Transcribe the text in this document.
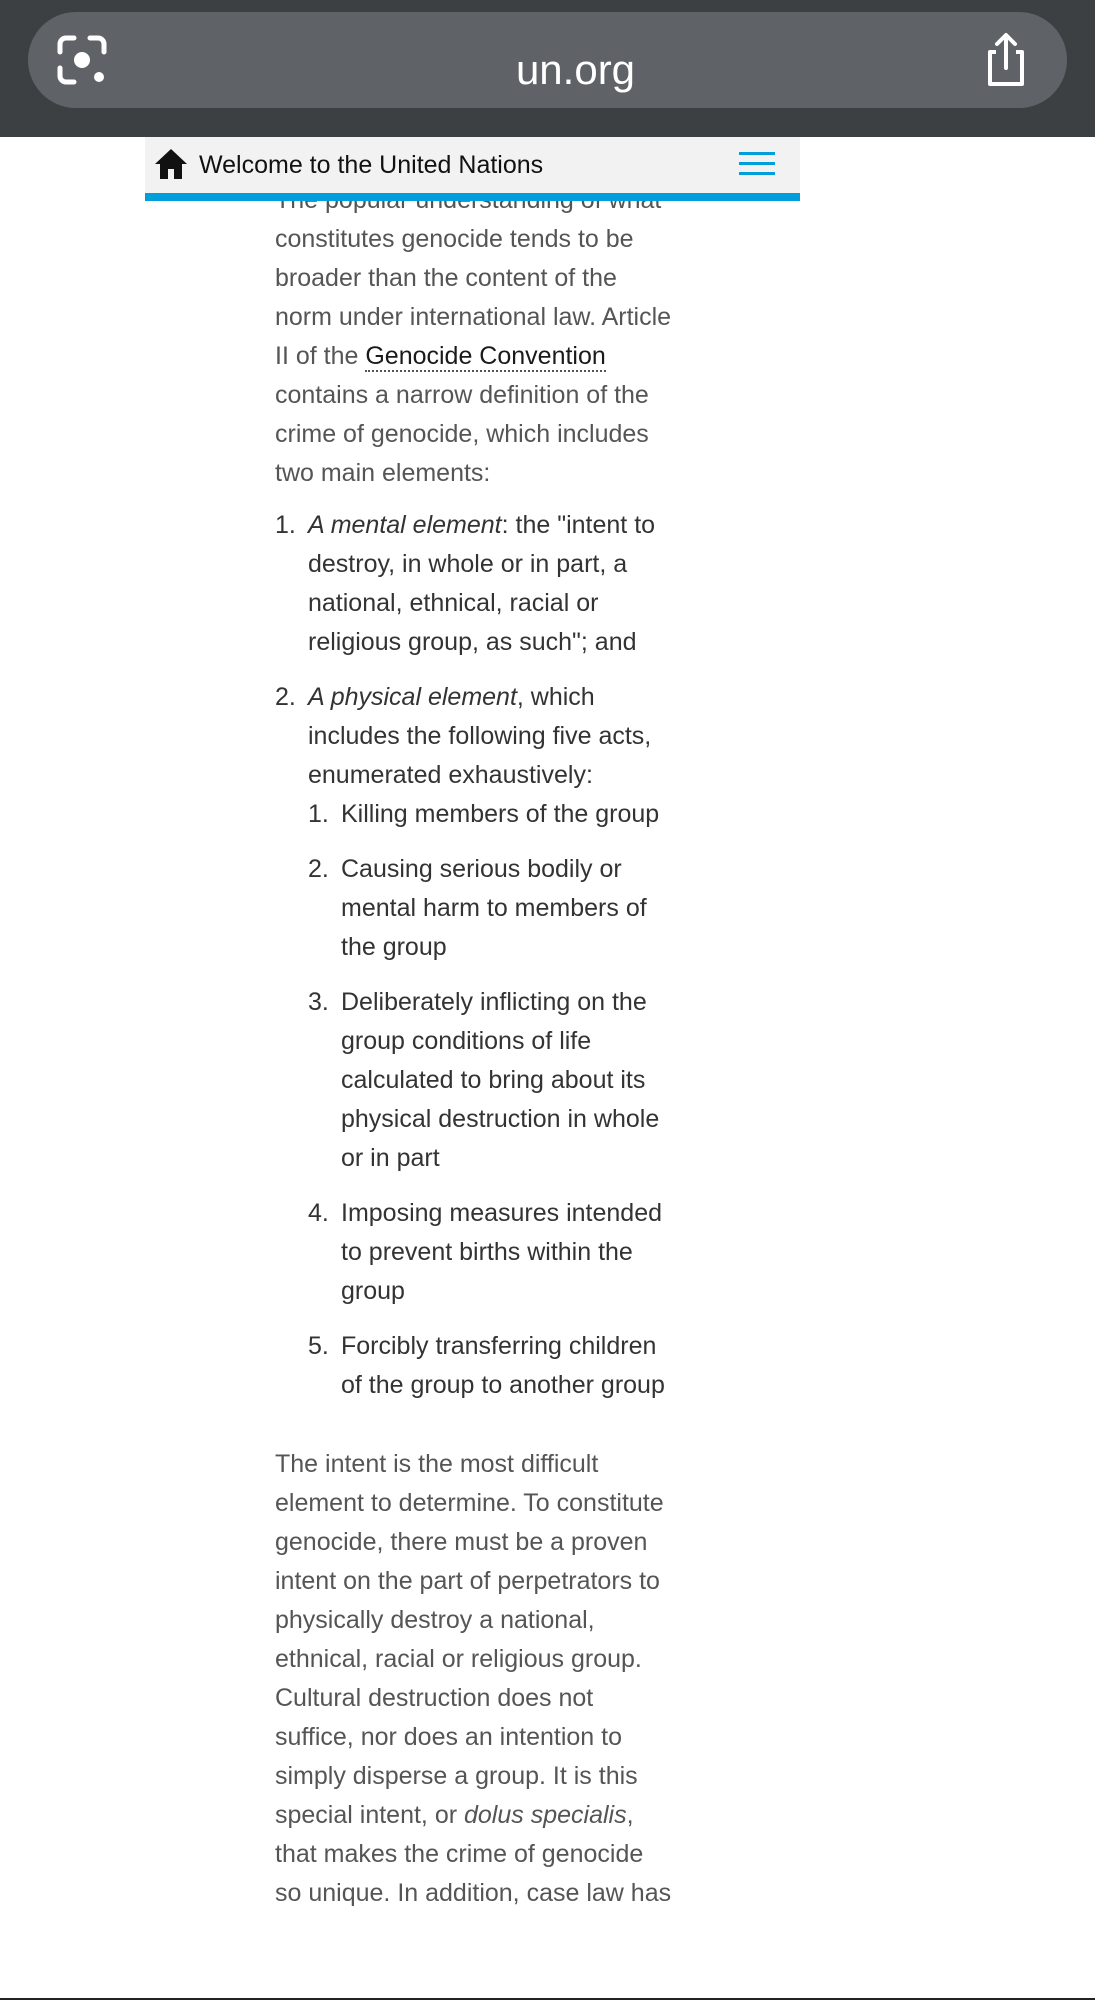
un.org

constitutes genocide tends to be broader than the content of the norm under international law. Article II of the Genocide Convention contains a narrow definition of the crime of genocide, which includes two main elements:

1. A mental element: the "intent to destroy, in whole or in part, a national, ethnical, racial or religious group, as such"; and
2. A physical element, which includes the following five acts, enumerated exhaustively:
1. Killing members of the group
2. Causing serious bodily or mental harm to members of the group
3. Deliberately inflicting on the group conditions of life calculated to bring about its physical destruction in whole or in part
4. Imposing measures intended to prevent births within the group
5. Forcibly transferring children of the group to another group

The intent is the most difficult element to determine. To constitute genocide, there must be a proven intent on the part of perpetrators to physically destroy a national, ethnical, racial or religious group. Cultural destruction does not suffice, nor does an intention to simply disperse a group. It is this special intent, or dolus specialis, that makes the crime of genocide so unique. In addition, case law has

Welcome to the United Nations
